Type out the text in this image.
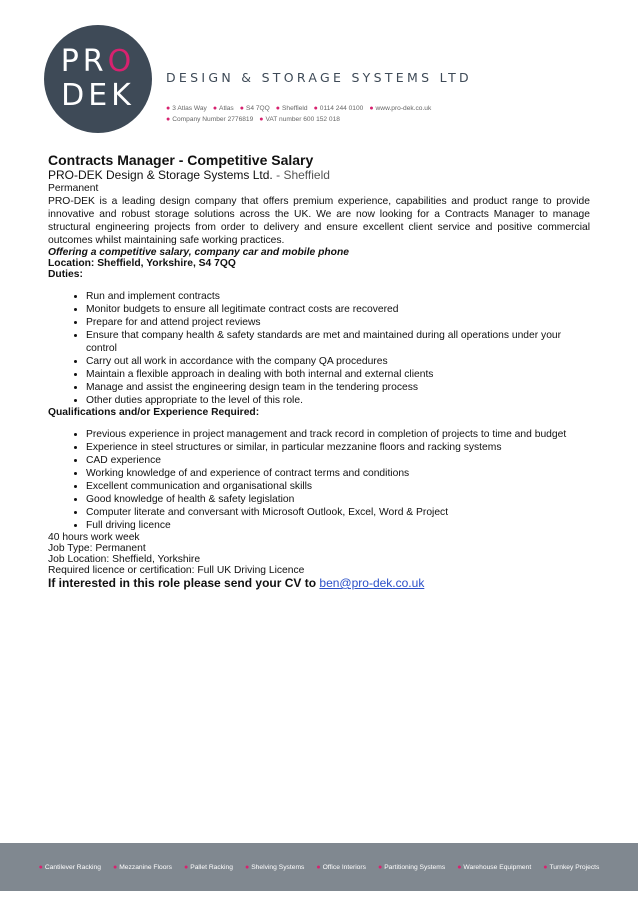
PRO
DEK
DESIGN & STORAGE SYSTEMS LTD
● 3 Atlas Way ● Atlas ● S4 7QQ ● Sheffield ● 0114 244 0100 ● www.pro-dek.co.uk
● Company Number 2776819 ● VAT number 600 152 018
Contracts Manager - Competitive Salary

PRO-DEK Design & Storage Systems Ltd. - Sheffield

Permanent

PRO-DEK is a leading design company that offers premium experience, capabilities and product range to provide innovative and robust storage solutions across the UK. We are now looking for a Contracts Manager to manage structural engineering projects from order to delivery and ensure excellent client service and positive commercial outcomes whilst maintaining safe working practices.

Offering a competitive salary, company car and mobile phone

Location: Sheffield, Yorkshire, S4 7QQ

Duties:

• Run and implement contracts
• Monitor budgets to ensure all legitimate contract costs are recovered
• Prepare for and attend project reviews
• Ensure that company health & safety standards are met and maintained during all operations under your control
• Carry out all work in accordance with the company QA procedures
• Maintain a flexible approach in dealing with both internal and external clients
• Manage and assist the engineering design team in the tendering process
• Other duties appropriate to the level of this role.

Qualifications and/or Experience Required:

• Previous experience in project management and track record in completion of projects to time and budget
• Experience in steel structures or similar, in particular mezzanine floors and racking systems
• CAD experience
• Working knowledge of and experience of contract terms and conditions
• Excellent communication and organisational skills
• Good knowledge of health & safety legislation
• Computer literate and conversant with Microsoft Outlook, Excel, Word & Project
• Full driving licence

40 hours work week

Job Type: Permanent

Job Location: Sheffield, Yorkshire

Required licence or certification: Full UK Driving Licence

If interested in this role please send your CV to ben@pro-dek.co.uk

● Cantilever Racking ● Mezzanine Floors ● Pallet Racking ● Shelving Systems ● Office Interiors ● Partitioning Systems ● Warehouse Equipment ● Turnkey Projects
